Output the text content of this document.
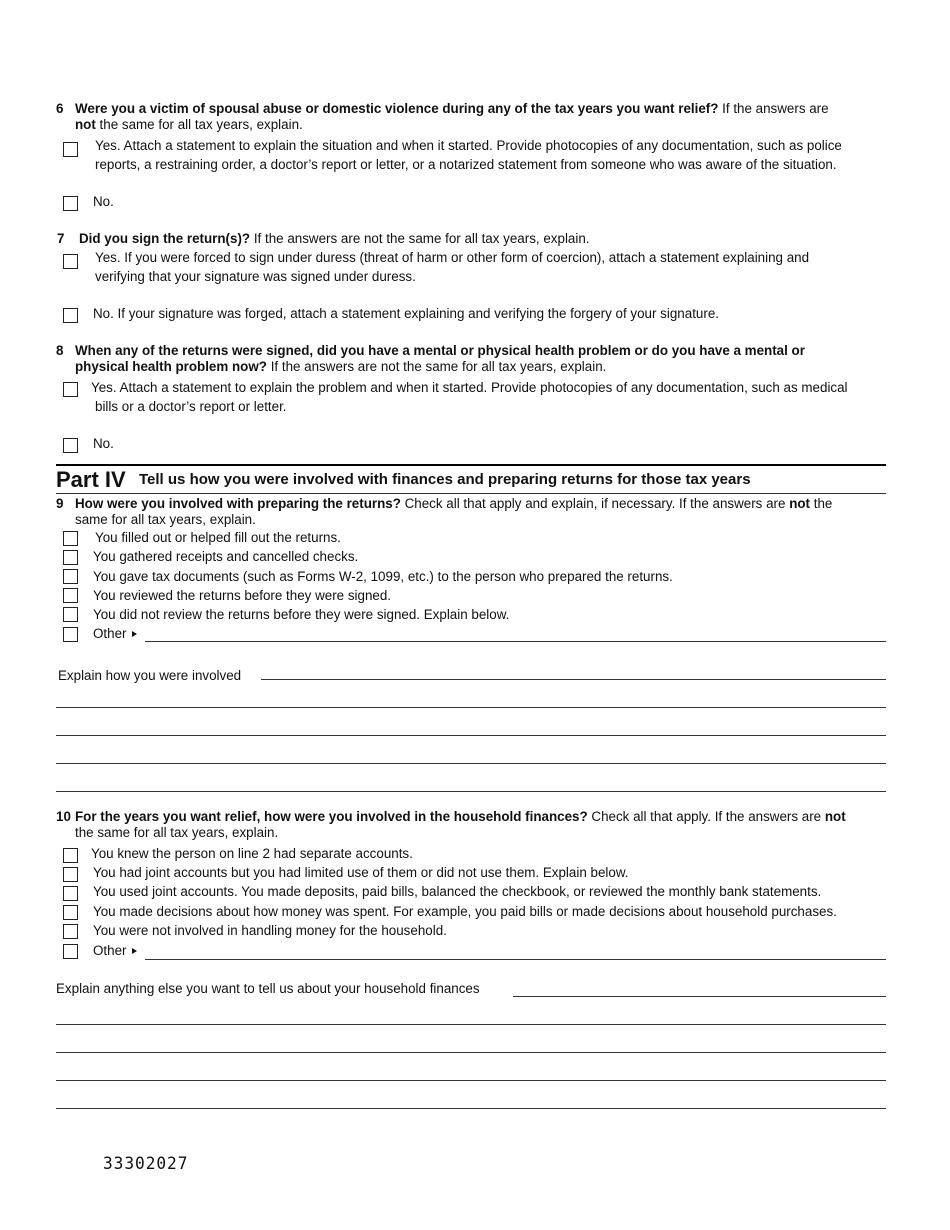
6 Were you a victim of spousal abuse or domestic violence during any of the tax years you want relief? If the answers are
not the same for all tax years, explain.
Yes. Attach a statement to explain the situation and when it started. Provide photocopies of any documentation, such as police
reports, a restraining order, a doctor’s report or letter, or a notarized statement from someone who was aware of the situation.
No.
7 Did you sign the return(s)? If the answers are not the same for all tax years, explain.
Yes. If you were forced to sign under duress (threat of harm or other form of coercion), attach a statement explaining and
verifying that your signature was signed under duress.
No. If your signature was forged, attach a statement explaining and verifying the forgery of your signature.
8 When any of the returns were signed, did you have a mental or physical health problem or do you have a mental or
physical health problem now? If the answers are not the same for all tax years, explain.
Yes. Attach a statement to explain the problem and when it started. Provide photocopies of any documentation, such as medical
bills or a doctor’s report or letter.
No.
Part IV Tell us how you were involved with finances and preparing returns for those tax years
9 How were you involved with preparing the returns? Check all that apply and explain, if necessary. If the answers are not the
same for all tax years, explain.
You filled out or helped fill out the returns.
You gathered receipts and cancelled checks.
You gave tax documents (such as Forms W-2, 1099, etc.) to the person who prepared the returns.
You reviewed the returns before they were signed.
You did not review the returns before they were signed. Explain below.
Other
Explain how you were involved
10 For the years you want relief, how were you involved in the household finances? Check all that apply. If the answers are not
the same for all tax years, explain.
You knew the person on line 2 had separate accounts.
You had joint accounts but you had limited use of them or did not use them. Explain below.
You used joint accounts. You made deposits, paid bills, balanced the checkbook, or reviewed the monthly bank statements.
You made decisions about how money was spent. For example, you paid bills or made decisions about household purchases.
You were not involved in handling money for the household.
Other
Explain anything else you want to tell us about your household finances
33302027
